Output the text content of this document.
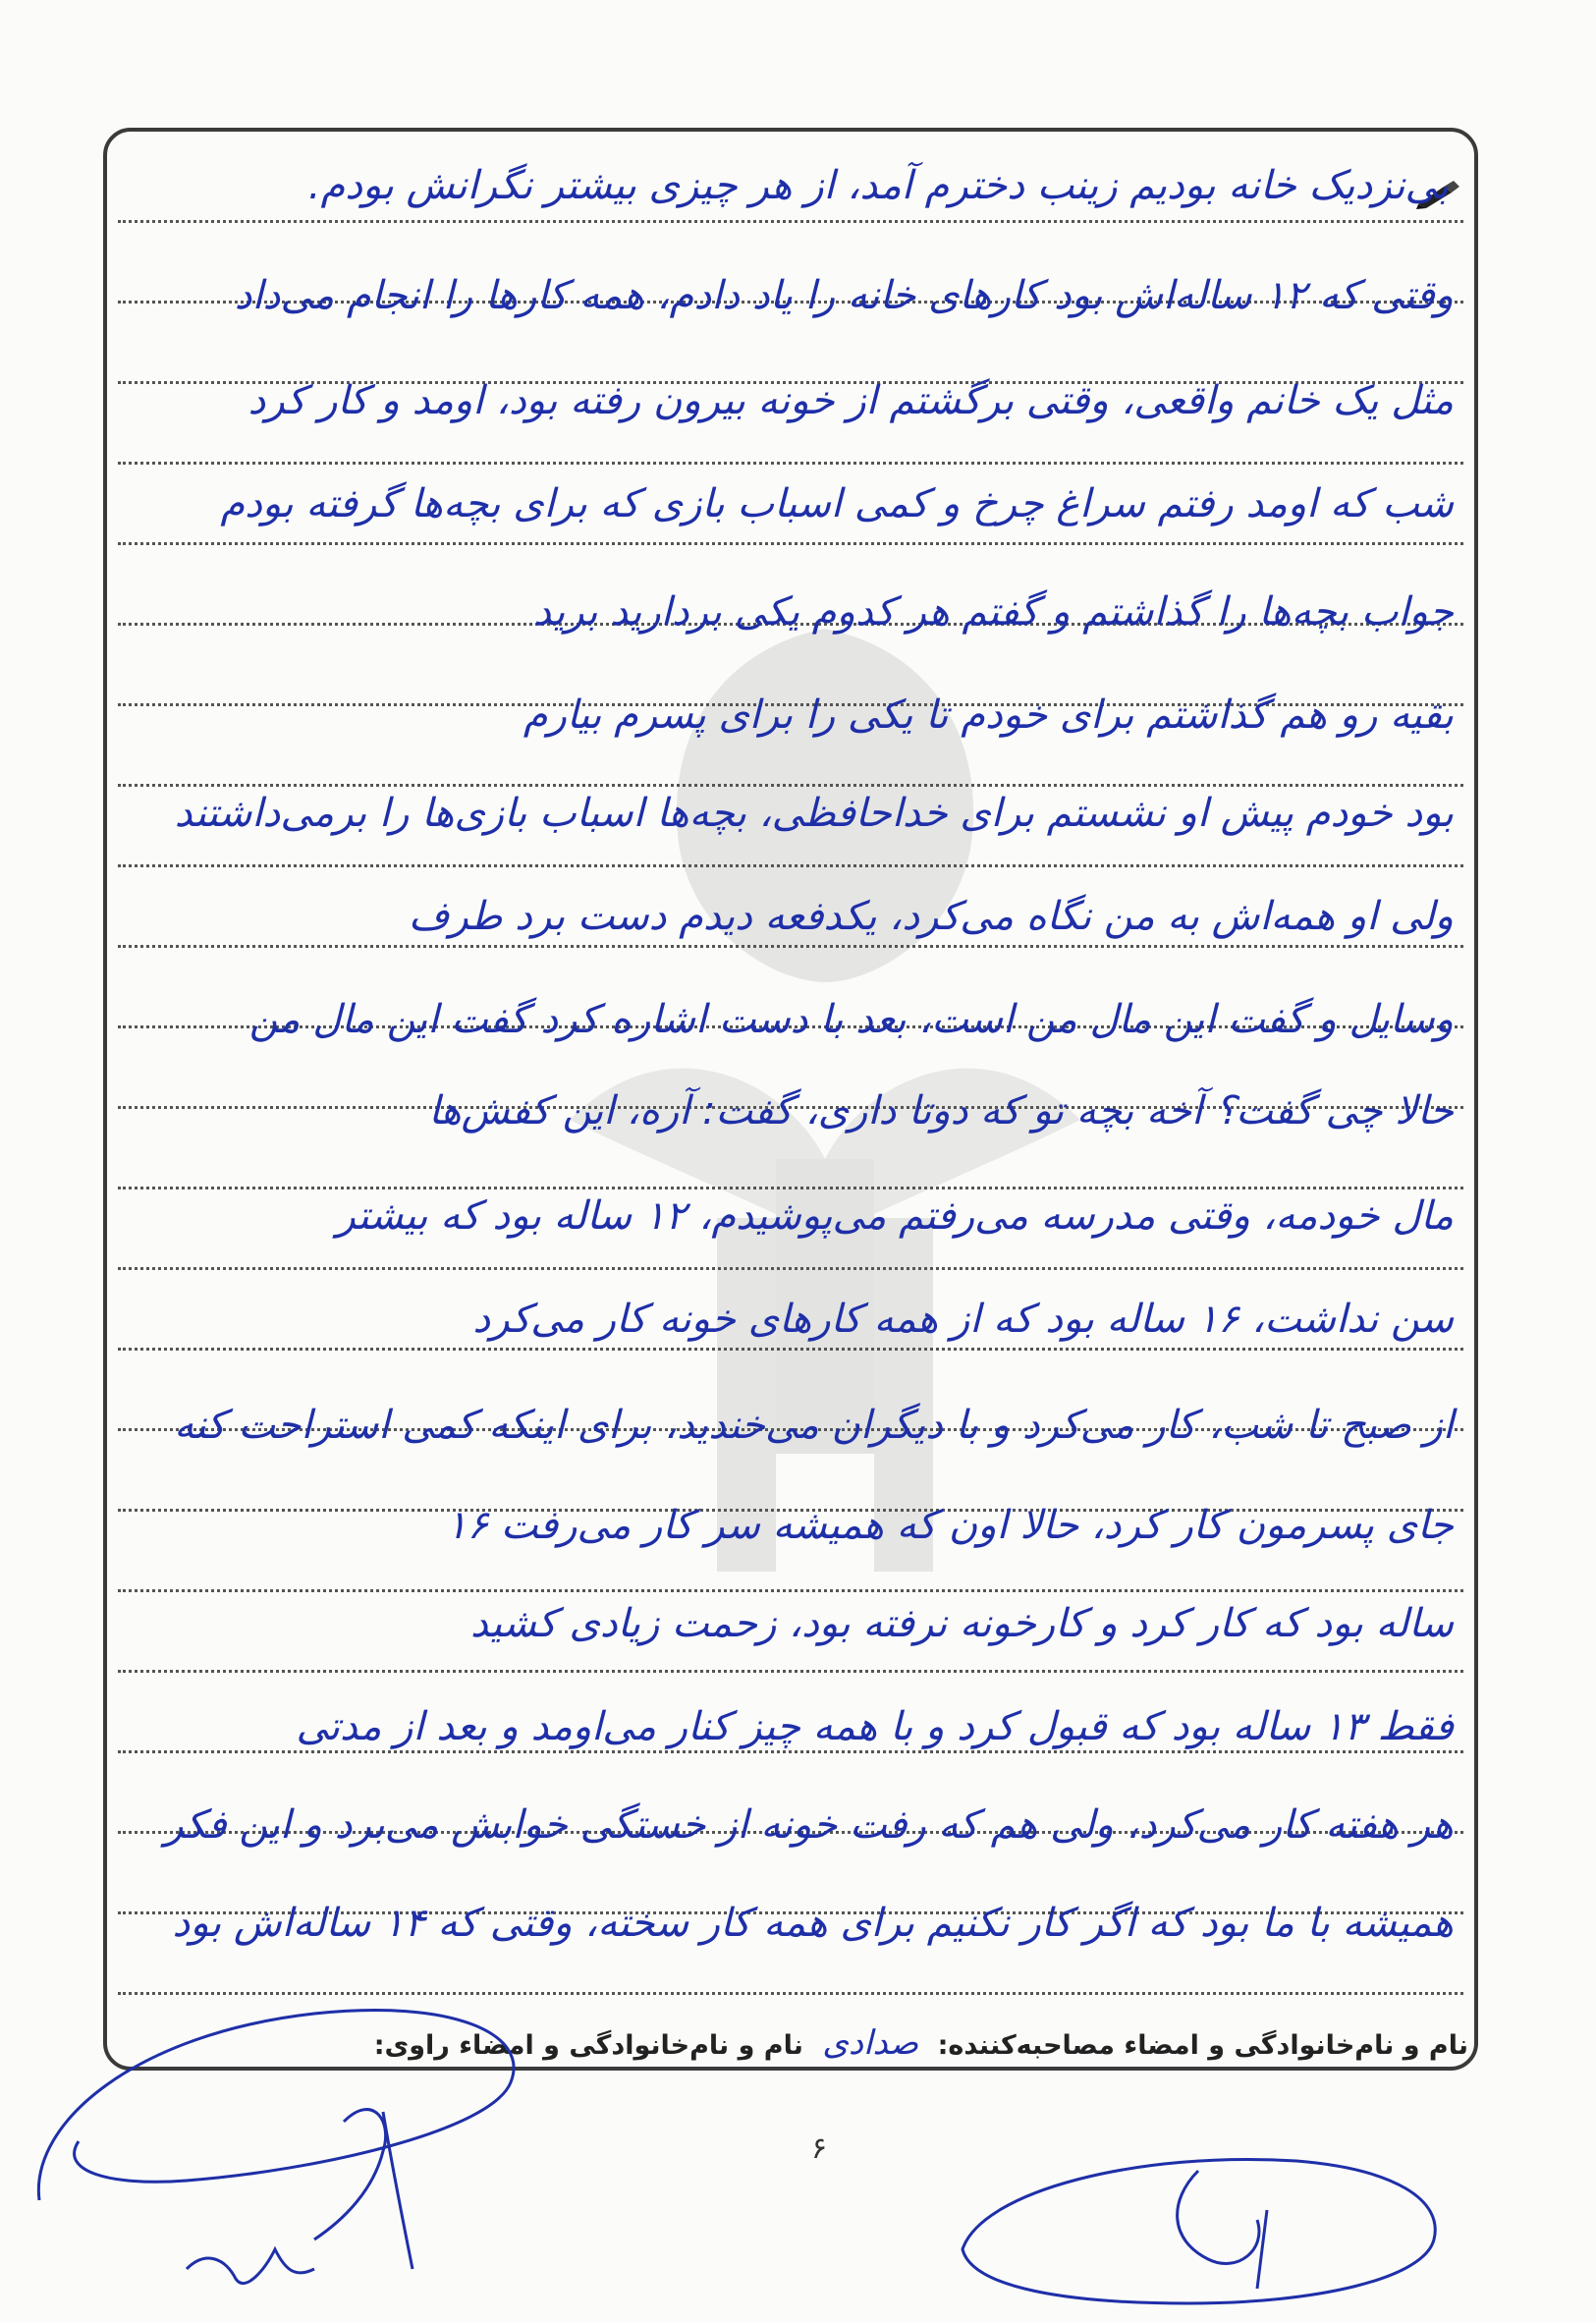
بی‌نزدیک خانه بودیم زینب دخترم آمد، از هر چیزی بیشتر نگرانش بودم.
وقتی که ۱۲ ساله‌اش بود کارهای خانه را یاد دادم، همه کارها را انجام می‌داد
مثل یک خانم واقعی، وقتی برگشتم از خونه بیرون رفته بود، اومد و کار کرد
شب که اومد رفتم سراغ چرخ و کمی اسباب بازی که برای بچه‌ها گرفته بودم
جواب بچه‌ها را گذاشتم و گفتم هر کدوم یکی بردارید برید
بقیه رو هم گذاشتم برای خودم تا یکی را برای پسرم بیارم
بود خودم پیش او نشستم برای خداحافظی، بچه‌ها اسباب بازی‌ها را برمی‌داشتند
ولی او همه‌اش به من نگاه می‌کرد، یکدفعه دیدم دست برد طرف
وسایل و گفت این مال من است، بعد با دست اشاره کرد گفت این مال من
حالا چی گفت؟ آخه بچه تو که دوتا داری، گفت: آره، این کفش‌ها
مال خودمه، وقتی مدرسه می‌رفتم می‌پوشیدم، ۱۲ ساله بود که بیشتر
سن نداشت، ۱۶ ساله بود که از همه کارهای خونه کار می‌کرد
از صبح تا شب، کار می‌کرد و با دیگران می‌خندید، برای اینکه کمی استراحت کنه
جای پسرمون کار کرد، حالا اون که همیشه سر کار می‌رفت ۱۶
ساله بود که کار کرد و کارخونه نرفته بود، زحمت زیادی کشید
فقط ۱۳ ساله بود که قبول کرد و با همه چیز کنار می‌اومد و بعد از مدتی
هر هفته کار می‌کرد، ولی هم که رفت خونه از خستگی خوابش می‌برد و این فکر
همیشه با ما بود که اگر کار نکنیم برای همه کار سخته، وقتی که ۱۴ ساله‌اش بود
نام و نام‌خانوادگی و امضاء مصاحبه‌کننده: صدادی نام و نام‌خانوادگی و امضاء راوی:
۶
